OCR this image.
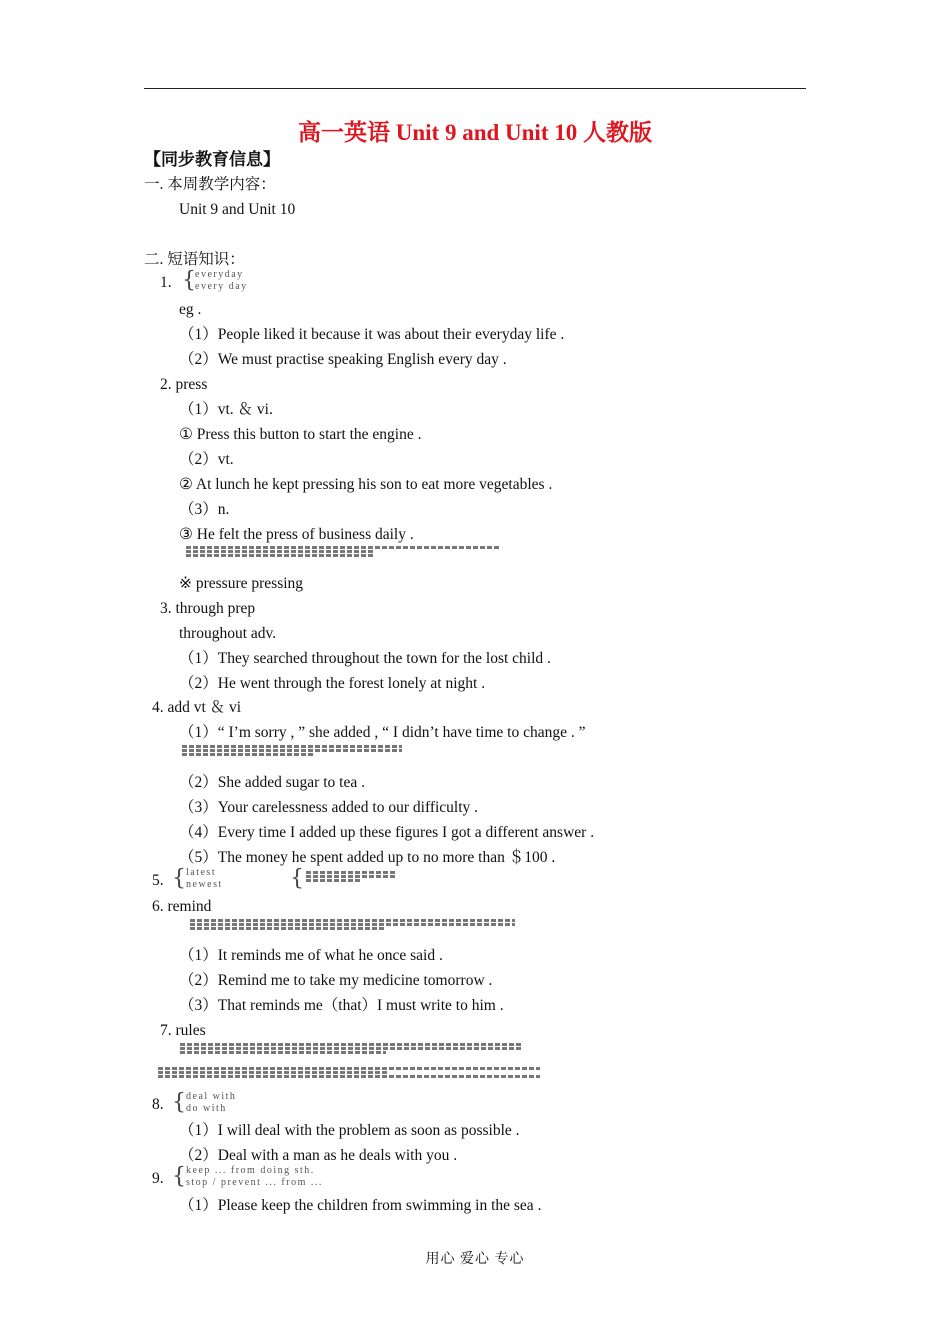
高一英语 Unit 9 and Unit 10 人教版
【同步教育信息】
一. 本周教学内容：
Unit 9 and Unit 10
二. 短语知识：
1. { everyday
every day
eg .
（1）People liked it because it was about their everyday life .
（2）We must practise speaking English every day .
2. press
（1）vt. ＆ vi.
① Press this button to start the engine .
（2）vt.
② At lunch he kept pressing his son to eat more vegetables .
（3）n.
③ He felt the press of business daily .
※ pressure pressing
3. through prep
throughout adv.
（1）They searched throughout the town for the lost child .
（2）He went through the forest lonely at night .
4. add vt ＆ vi
（1）“ I’m sorry , ” she added , “ I didn’t have time to change . ”
（2）She added sugar to tea .
（3）Your carelessness added to our difficulty .
（4）Every time I added up these figures I got a different answer .
（5）The money he spent added up to no more than ＄100 .
5. { latest
newest	{
6. remind
（1）It reminds me of what he once said .
（2）Remind me to take my medicine tomorrow .
（3）That reminds me（that）I must write to him .
7. rules
8. { deal with
do with
（1）I will deal with the problem as soon as possible .
（2）Deal with a man as he deals with you .
9. { keep ... from doing sth.
stop / prevent ... from ...
（1）Please keep the children from swimming in the sea .
用心 爱心 专心
